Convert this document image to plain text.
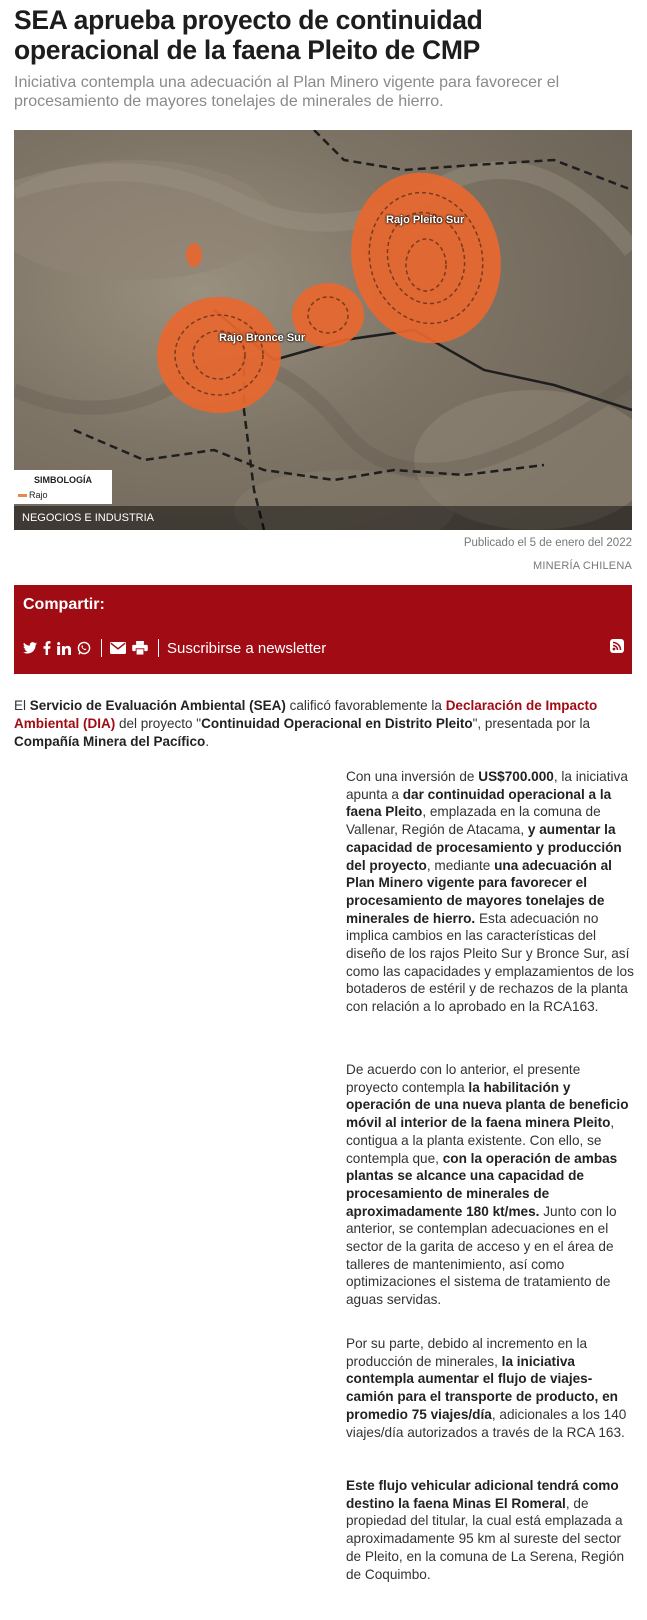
SEA aprueba proyecto de continuidad operacional de la faena Pleito de CMP

Iniciativa contempla una adecuación al Plan Minero vigente para favorecer el procesamiento de mayores tonelajes de minerales de hierro.

Rajo Pleito Sur
Rajo Bronce Sur
SIMBOLOGÍA
Rajo
NEGOCIOS E INDUSTRIA
Publicado el 5 de enero del 2022
MINERÍA CHILENA
Compartir:
Suscribirse a newsletter

El Servicio de Evaluación Ambiental (SEA) calificó favorablemente la Declaración de Impacto Ambiental (DIA) del proyecto "Continuidad Operacional en Distrito Pleito", presentada por la Compañía Minera del Pacífico.

Con una inversión de US$700.000, la iniciativa apunta a dar continuidad operacional a la faena Pleito, emplazada en la comuna de Vallenar, Región de Atacama, y aumentar la capacidad de procesamiento y producción del proyecto, mediante una adecuación al Plan Minero vigente para favorecer el procesamiento de mayores tonelajes de minerales de hierro. Esta adecuación no implica cambios en las características del diseño de los rajos Pleito Sur y Bronce Sur, así como las capacidades y emplazamientos de los botaderos de estéril y de rechazos de la planta con relación a lo aprobado en la RCA163.

De acuerdo con lo anterior, el presente proyecto contempla la habilitación y operación de una nueva planta de beneficio móvil al interior de la faena minera Pleito, contigua a la planta existente. Con ello, se contempla que, con la operación de ambas plantas se alcance una capacidad de procesamiento de minerales de aproximadamente 180 kt/mes. Junto con lo anterior, se contemplan adecuaciones en el sector de la garita de acceso y en el área de talleres de mantenimiento, así como optimizaciones el sistema de tratamiento de aguas servidas.

Por su parte, debido al incremento en la producción de minerales, la iniciativa contempla aumentar el flujo de viajes-camión para el transporte de producto, en promedio 75 viajes/día, adicionales a los 140 viajes/día autorizados a través de la RCA 163.

Este flujo vehicular adicional tendrá como destino la faena Minas El Romeral, de propiedad del titular, la cual está emplazada a aproximadamente 95 km al sureste del sector de Pleito, en la comuna de La Serena, Región de Coquimbo.
